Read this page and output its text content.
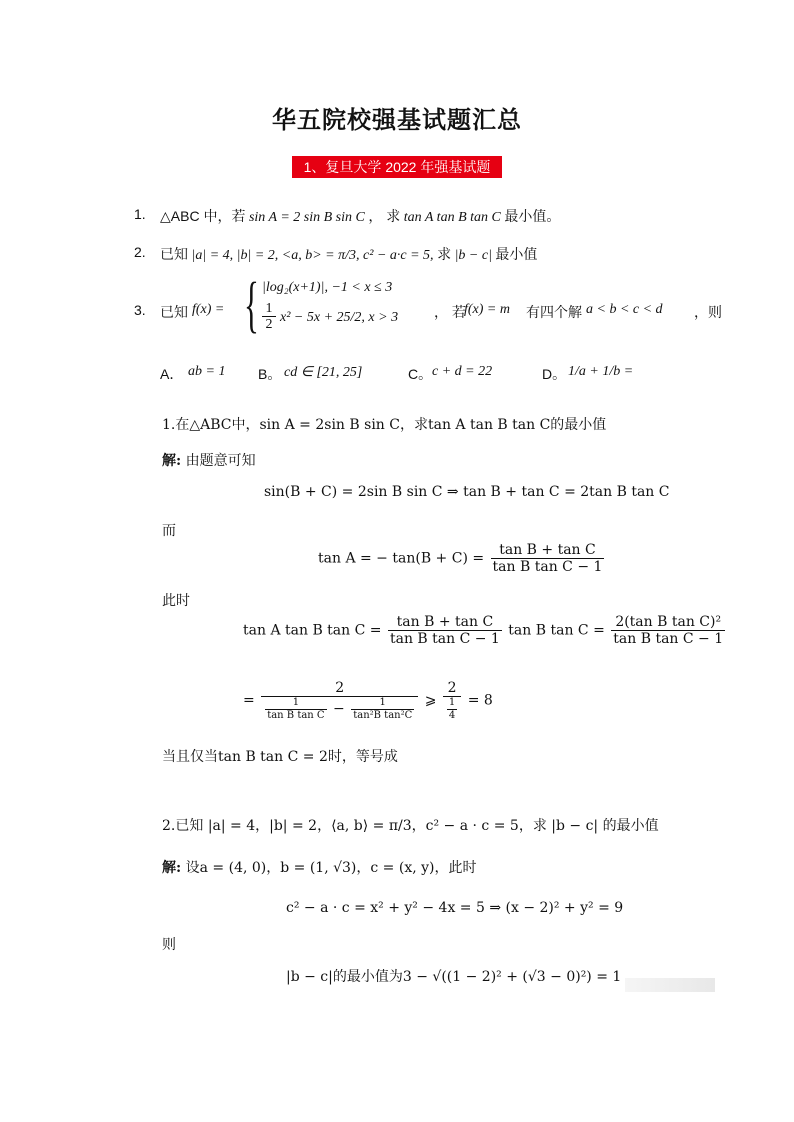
华五院校强基试题汇总
1、复旦大学 2022 年强基试题
1. △ABC 中，若 sin A = 2 sin B sin C ， 求 tan A tan B tan C 最小值。
2. 已知 |a| = 4, |b| = 2, <a, b> = π/3, c² − a·c = 5, 求 |b − c| 最小值
3. 已知 f(x) = { |log₂(x+1)|, −1 < x ≤ 3
1
2 x² − 5x + 25/2, x > 3	， 若
f(x) = m 有四个解 a < b < c < d ，则
A． ab = 1 B。 cd ∈ [21, 25]	C。 c + d = 22	D。 1/a + 1/b =
1.在△ABC中，sin A = 2sin B sin C，求tan A tan B tan C的最小值
解: 由题意可知
sin(B + C) = 2sin B sin C ⇒ tan B + tan C = 2tan B tan C
而
tan A = − $\tan(B + C) = \frac{\text{tan B + tan C}}{\text{tan B tan C − 1}}$
此时
tan A tan B $\tan C = \frac{\text{tan B + tan C}}{\text{tan B tan C − 1}}$ tan B $\tan C = \frac{\text{2(tan B tan C)²}}{\text{tan B tan C − 1}}$
=
2
$\frac{1}{\text{tan B tan C}} - \frac{1}{\text{tan²B tan²C}}$ ⩾ $\frac{2}{\frac{1}{4}} = 8$
当且仅当tan B tan C = 2时，等号成
2.已知 |a| = 4，|b| = 2，⟨a, b⟩ = π/3，c² − a · c = 5，求 |b − c| 的最小值
解: 设a = (4, 0)，b = (1, √3)，c = (x, y)，此时
c² − a · c = x² + y² − 4x = 5 ⇒ (x − 2)² + y² = 9
则
|b − c|的最小值为3 − √((1 − 2)² + (√3 − 0)²) = 1
